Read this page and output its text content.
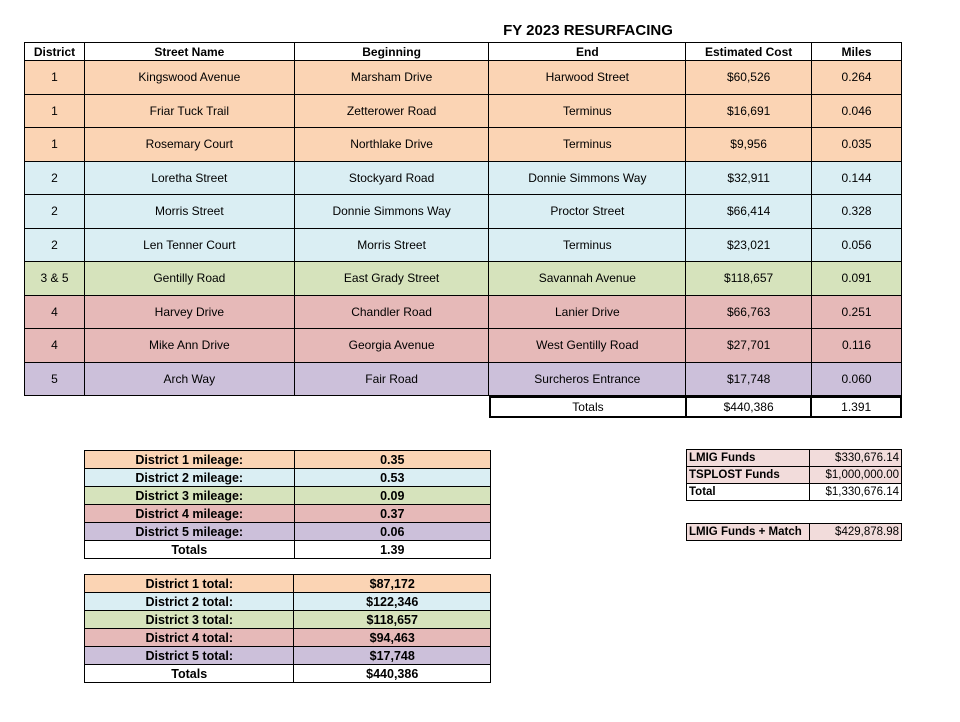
FY 2023 RESURFACING
District	Street Name	Beginning	End	Estimated Cost	Miles
1	Kingswood Avenue	Marsham Drive	Harwood Street	$60,526	0.264
1	Friar Tuck Trail	Zetterower Road	Terminus	$16,691	0.046
1	Rosemary Court	Northlake Drive	Terminus	$9,956	0.035
2	Loretha Street	Stockyard Road	Donnie Simmons Way	$32,911	0.144
2	Morris Street	Donnie Simmons Way	Proctor Street	$66,414	0.328
2	Len Tenner Court	Morris Street	Terminus	$23,021	0.056
3 & 5	Gentilly Road	East Grady Street	Savannah Avenue	$118,657	0.091
4	Harvey Drive	Chandler Road	Lanier Drive	$66,763	0.251
4	Mike Ann Drive	Georgia Avenue	West Gentilly Road	$27,701	0.116
5	Arch Way	Fair Road	Surcheros Entrance	$17,748	0.060
Totals	$440,386	1.391
District 1 mileage:	0.35
District 2 mileage:	0.53
District 3 mileage:	0.09
District 4 mileage:	0.37
District 5 mileage:	0.06
Totals	1.39
District 1 total:	$87,172
District 2 total:	$122,346
District 3 total:	$118,657
District 4 total:	$94,463
District 5 total:	$17,748
Totals	$440,386
LMIG Funds	$330,676.14
TSPLOST Funds	$1,000,000.00
Total	$1,330,676.14
LMIG Funds + Match	$429,878.98
